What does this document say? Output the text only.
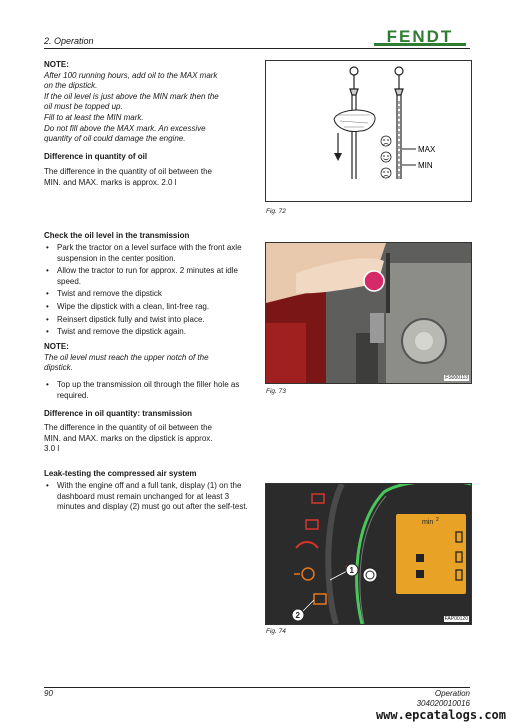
2. Operation	FENDT
NOTE:
After 100 running hours, add oil to the MAX mark
on the dipstick.
If the oil level is just above the MIN mark then the
oil must be topped up.
Fill to at least the MIN mark.
Do not fill above the MAX mark. An excessive
quantity of oil could damage the engine.
Difference in quantity of oil
The difference in the quantity of oil between the
MIN. and MAX. marks is approx. 2.0 l
Check the oil level in the transmission
• Park the tractor on a level surface with the front axle suspension in the center position.
• Allow the tractor to run for approx. 2 minutes at idle speed.
• Twist and remove the dipstick
• Wipe the dipstick with a clean, lint-free rag.
• Reinsert dipstick fully and twist into place.
• Twist and remove the dipstick again.
NOTE:
The oil level must reach the upper notch of the
dipstick.
• Top up the transmission oil through the filler hole as required.
Difference in oil quantity: transmission
The difference in the quantity of oil between the
MIN. and MAX. marks on the dipstick is approx.
3.0 l
Leak-testing the compressed air system
• With the engine off and a full tank, display (1) on the dashboard must remain unchanged for at least 3 minutes and display (2) must go out after the self-test.
MAX
MIN
Fig. 72
FS000113
Fig. 73
min 2
1
2	FAP00120
Fig. 74
90	Operation
304020010016
www.epcatalogs.com
